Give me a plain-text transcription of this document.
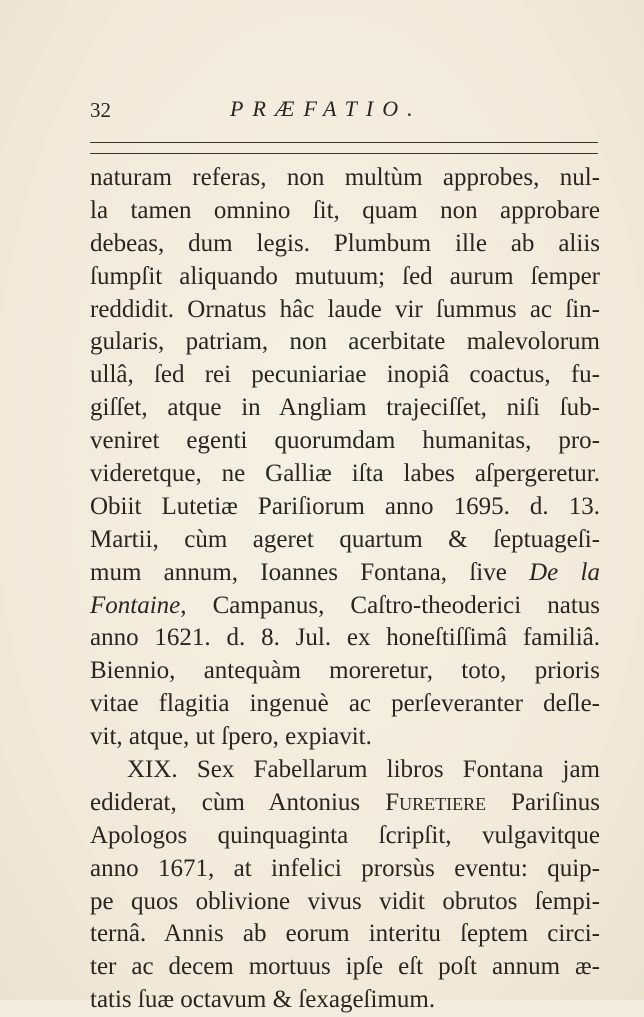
32	PRÆFATIO.
naturam referas, non multùm approbes, nul-
la tamen omnino ſit, quam non approbare
debeas, dum legis. Plumbum ille ab aliis
ſumpſit aliquando mutuum; ſed aurum ſemper
reddidit. Ornatus hâc laude vir ſummus ac ſin-
gularis, patriam, non acerbitate malevolorum
ullâ, ſed rei pecuniariae inopiâ coactus, fu-
giſſet, atque in Angliam trajeciſſet, niſi ſub-
veniret egenti quorumdam humanitas, pro-
videretque, ne Galliæ iſta labes aſpergeretur.
Obiit Lutetiæ Pariſiorum anno 1695. d. 13.
Martii, cùm ageret quartum & ſeptuageſi-
mum annum, Ioannes Fontana, ſive De la
Fontaine, Campanus, Caſtro-theoderici natus
anno 1621. d. 8. Jul. ex honeſtiſſimâ familiâ.
Biennio, antequàm moreretur, toto, prioris
vitae flagitia ingenuè ac perſeveranter deſle-
vit, atque, ut ſpero, expiavit.
XIX. Sex Fabellarum libros Fontana jam
ediderat, cùm Antonius Furetiere Pariſinus
Apologos quinquaginta ſcripſit, vulgavitque
anno 1671, at infelici prorsùs eventu: quip-
pe quos oblivione vivus vidit obrutos ſempi-
ternâ. Annis ab eorum interitu ſeptem circi-
ter ac decem mortuus ipſe eſt poſt annum æ-
tatis ſuæ octavum & ſexageſimum.
